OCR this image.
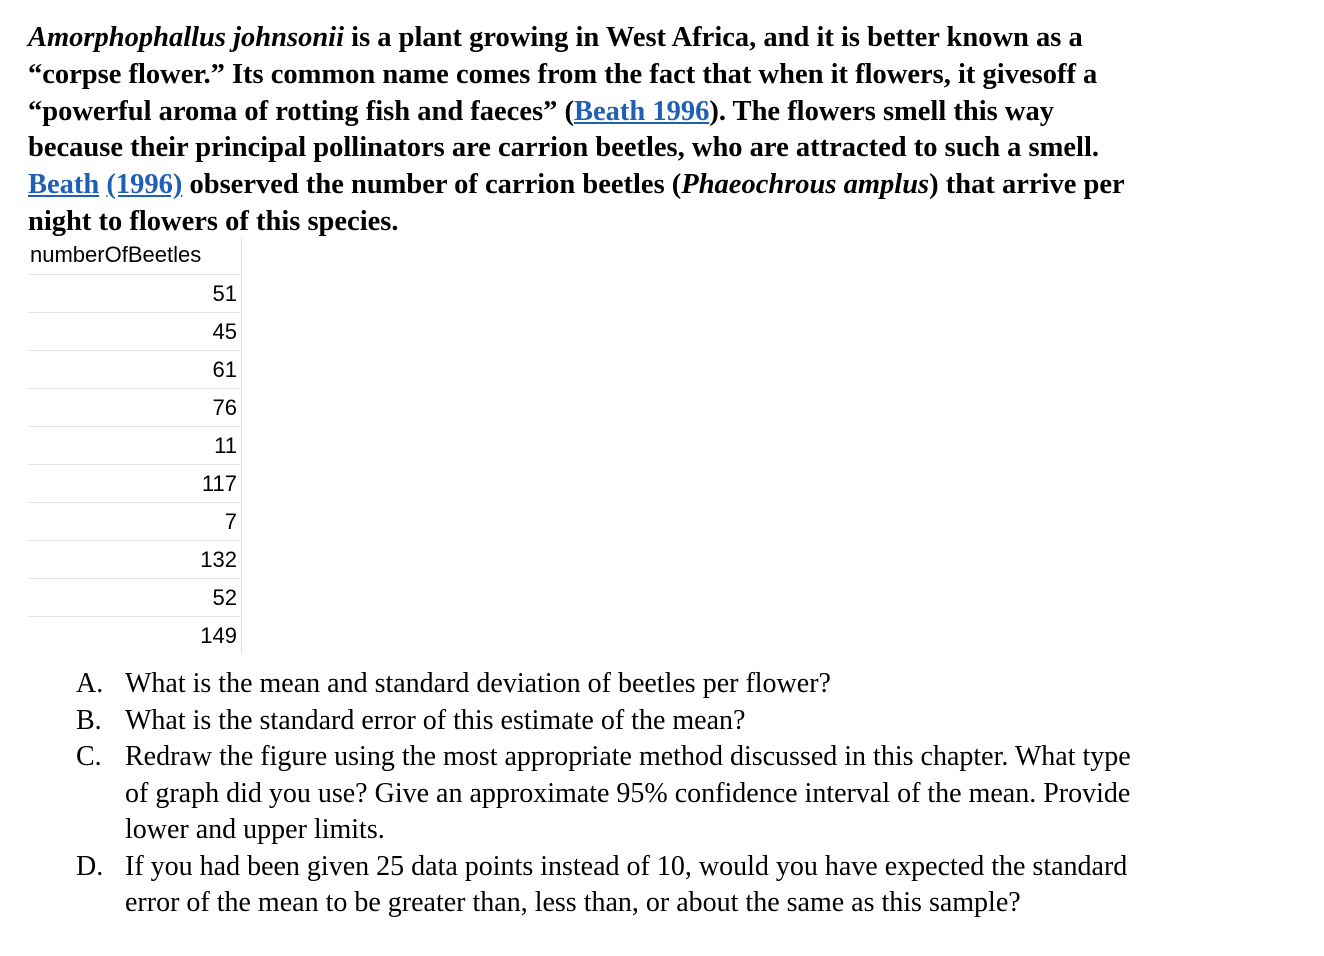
Amorphophallus johnsonii is a plant growing in West Africa, and it is better known as a
“corpse flower.” Its common name comes from the fact that when it flowers, it givesoff a
“powerful aroma of rotting fish and faeces” (Beath 1996). The flowers smell this way
because their principal pollinators are carrion beetles, who are attracted to such a smell.
Beath (1996) observed the number of carrion beetles (Phaeochrous amplus) that arrive per
night to flowers of this species.
numberOfBeetles
51
45
61
76
11
117
7
132
52
149
A. What is the mean and standard deviation of beetles per flower?
B. What is the standard error of this estimate of the mean?
C. Redraw the figure using the most appropriate method discussed in this chapter. What type
of graph did you use? Give an approximate 95% confidence interval of the mean. Provide
lower and upper limits.
D. If you had been given 25 data points instead of 10, would you have expected the standard
error of the mean to be greater than, less than, or about the same as this sample?
